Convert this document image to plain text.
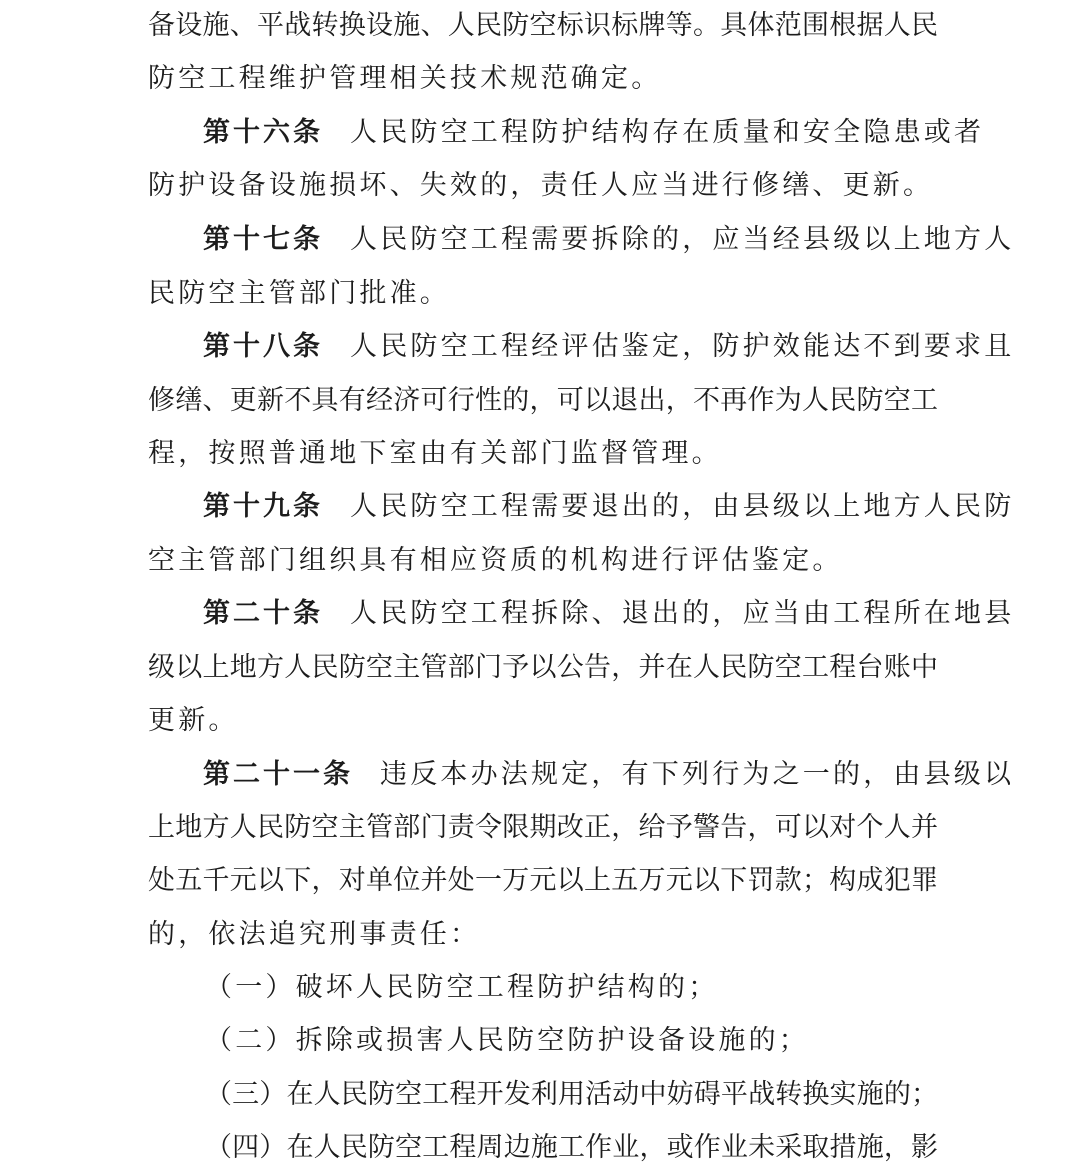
备设施、平战转换设施、人民防空标识标牌等。具体范围根据人民
防空工程维护管理相关技术规范确定。
第十六条 人民防空工程防护结构存在质量和安全隐患或者
防护设备设施损坏、失效的，责任人应当进行修缮、更新。
第十七条 人民防空工程需要拆除的，应当经县级以上地方人
民防空主管部门批准。
第十八条 人民防空工程经评估鉴定，防护效能达不到要求且
修缮、更新不具有经济可行性的，可以退出，不再作为人民防空工
程，按照普通地下室由有关部门监督管理。
第十九条 人民防空工程需要退出的，由县级以上地方人民防
空主管部门组织具有相应资质的机构进行评估鉴定。
第二十条 人民防空工程拆除、退出的，应当由工程所在地县
级以上地方人民防空主管部门予以公告，并在人民防空工程台账中
更新。
第二十一条 违反本办法规定，有下列行为之一的，由县级以
上地方人民防空主管部门责令限期改正，给予警告，可以对个人并
处五千元以下，对单位并处一万元以上五万元以下罚款；构成犯罪
的，依法追究刑事责任：
（一）破坏人民防空工程防护结构的；
（二）拆除或损害人民防空防护设备设施的；
（三）在人民防空工程开发利用活动中妨碍平战转换实施的；
（四）在人民防空工程周边施工作业，或作业未采取措施，影
